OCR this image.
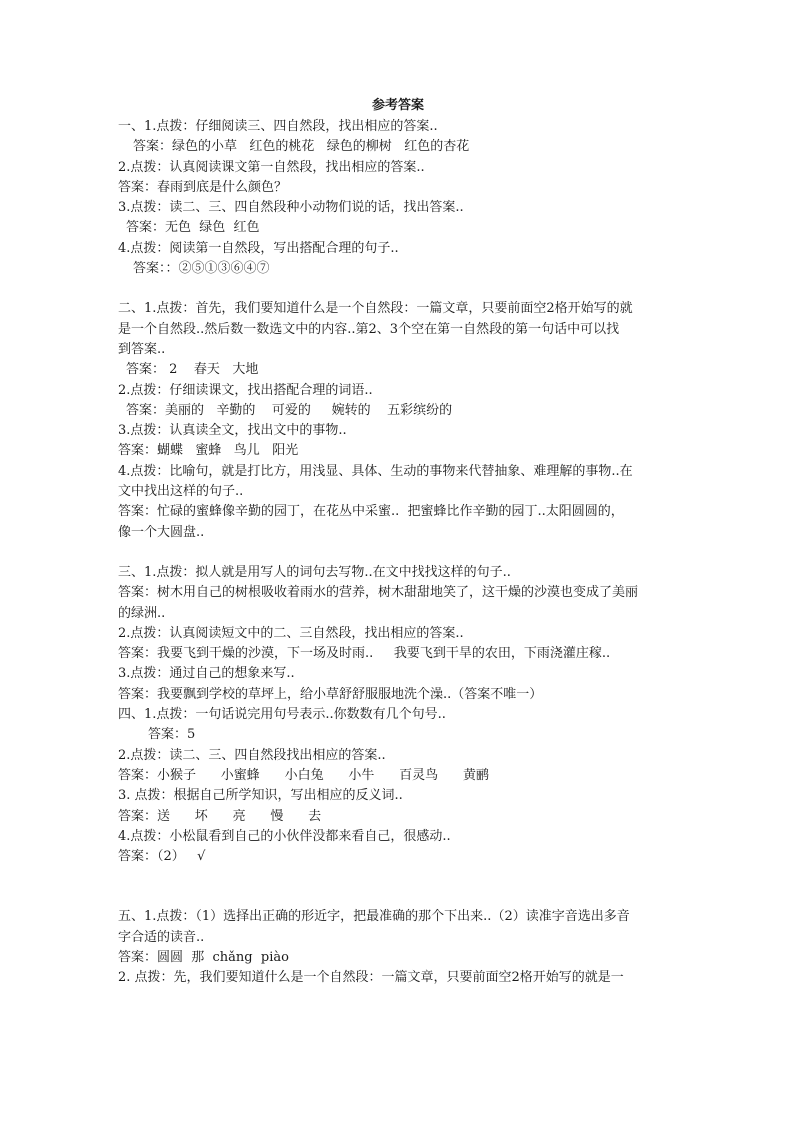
参考答案

一、1.点拨：仔细阅读三、四自然段，找出相应的答案..

答案：绿色的小草   红色的桃花   绿色的柳树   红色的杏花

2.点拨：认真阅读课文第一自然段，找出相应的答案..

答案：春雨到底是什么颜色？

3.点拨：读二、三、四自然段种小动物们说的话，找出答案..

答案：无色  绿色  红色

4.点拨：阅读第一自然段，写出搭配合理的句子..

答案：：②⑤①③⑥④⑦

二、1.点拨：首先，我们要知道什么是一个自然段：一篇文章，只要前面空2格开始写的就

是一个自然段..然后数一数选文中的内容..第2、3个空在第一自然段的第一句话中可以找

到答案..

答案： 2    春天   大地

2.点拨：仔细读课文，找出搭配合理的词语..

答案：美丽的   辛勤的    可爱的     婉转的    五彩缤纷的

3.点拨：认真读全文，找出文中的事物..

答案：蝴蝶   蜜蜂   鸟儿   阳光

4.点拨：比喻句，就是打比方，用浅显、具体、生动的事物来代替抽象、难理解的事物..在

文中找出这样的句子..

答案：忙碌的蜜蜂像辛勤的园丁，在花丛中采蜜..  把蜜蜂比作辛勤的园丁..太阳圆圆的，

像一个大圆盘..

三、1.点拨：拟人就是用写人的词句去写物..在文中找找这样的句子..

答案：树木用自己的树根吸收着雨水的营养，树木甜甜地笑了，这干燥的沙漠也变成了美丽

的绿洲..

2.点拨：认真阅读短文中的二、三自然段，找出相应的答案..

答案：我要飞到干燥的沙漠，下一场及时雨..     我要飞到干旱的农田，下雨浇灌庄稼..

3.点拨：通过自己的想象来写..

答案：我要飘到学校的草坪上，给小草舒舒服服地洗个澡..（答案不唯一）

四、1.点拨：一句话说完用句号表示..你数数有几个句号..

答案：5

2.点拨：读二、三、四自然段找出相应的答案..

答案：小猴子      小蜜蜂      小白兔      小牛      百灵鸟      黄鹂

3. 点拨：根据自己所学知识，写出相应的反义词..

答案：送      坏      亮      慢      去

4.点拨：小松鼠看到自己的小伙伴没都来看自己，很感动..

答案：（2）   √

五、1.点拨：（1）选择出正确的形近字，把最准确的那个下出来..（2）读准字音选出多音

字合适的读音..

答案：圆圆  那  chǎng  piào

2. 点拨：先，我们要知道什么是一个自然段：一篇文章，只要前面空2格开始写的就是一
